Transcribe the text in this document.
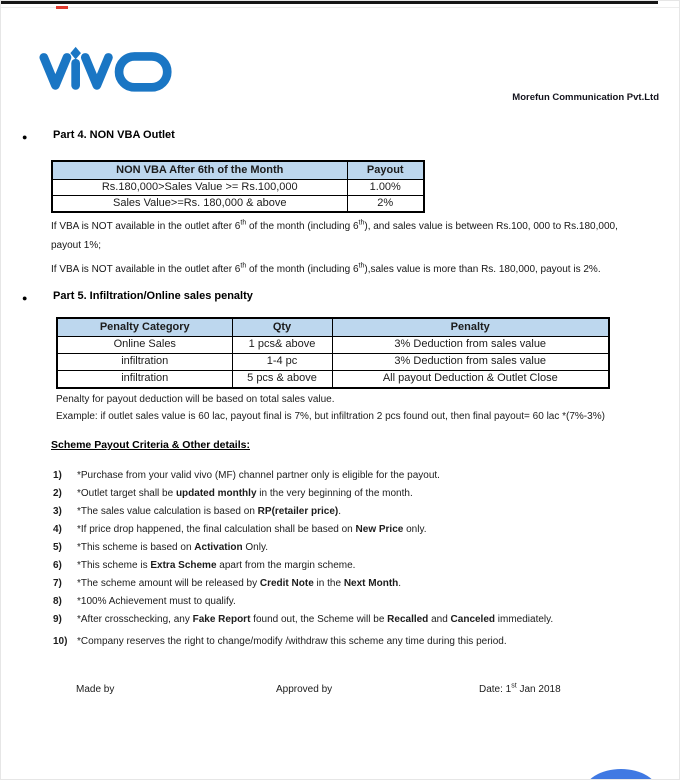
Morefun Communication Pvt.Ltd
● Part 4. NON VBA Outlet
NON VBA After 6th of the Month	Payout
Rs.180,000>Sales Value >= Rs.100,000	1.00%
Sales Value>=Rs. 180,000 & above	2%
If VBA is NOT available in the outlet after 6th of the month (including 6th), and sales value is between Rs.100, 000 to Rs.180,000,
payout 1%;
If VBA is NOT available in the outlet after 6th of the month (including 6th),sales value is more than Rs. 180,000, payout is 2%.
● Part 5. Infiltration/Online sales penalty
Penalty Category	Qty	Penalty
Online Sales	1 pcs& above	3% Deduction from sales value
infiltration	1-4 pc	3% Deduction from sales value
infiltration	5 pcs & above	All payout Deduction & Outlet Close
Penalty for payout deduction will be based on total sales value.
Example: if outlet sales value is 60 lac, payout final is 7%, but infiltration 2 pcs found out, then final payout= 60 lac *(7%-3%)
Scheme Payout Criteria & Other details:
1)	*Purchase from your valid vivo (MF) channel partner only is eligible for the payout.
2)	*Outlet target shall be updated monthly in the very beginning of the month.
3)	*The sales value calculation is based on RP(retailer price).
4)	*If price drop happened, the final calculation shall be based on New Price only.
5)	*This scheme is based on Activation Only.
6)	*This scheme is Extra Scheme apart from the margin scheme.
7)	*The scheme amount will be released by Credit Note in the Next Month.
8)	*100% Achievement must to qualify.
9)	*After crosschecking, any Fake Report found out, the Scheme will be Recalled and Canceled immediately.
10) *Company reserves the right to change/modify /withdraw this scheme any time during this period.
Made by	Approved by	Date: 1st Jan 2018
